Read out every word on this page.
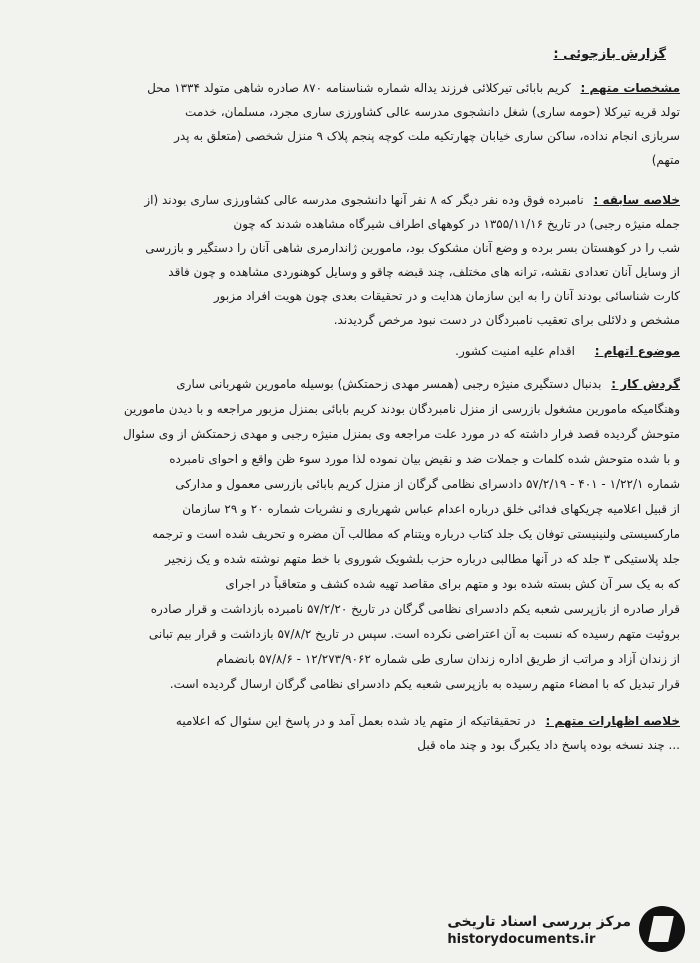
گزارش بازجوئی :
مشخصات متهم : کریم بابائی تیرکلائی فرزند یداله شماره شناسنامه ۸۷۰ صادره شاهی متولد ۱۳۳۴ محل
تولد قریه تیرکلا (حومه ساری) شغل دانشجوی مدرسه عالی کشاورزی ساری مجرد، مسلمان، خدمت
سربازی انجام نداده، ساکن ساری خیابان چهارتکیه ملت کوچه پنجم پلاک ۹ منزل شخصی (متعلق به پدر
متهم)
خلاصه سابقه : نامبرده فوق وده نفر دیگر که ۸ نفر آنها دانشجوی مدرسه عالی کشاورزی ساری بودند (از
جمله منیژه رجبی) در تاریخ ۱۳۵۵/۱۱/۱۶ در کوههای اطراف شیرگاه مشاهده شدند که چون
شب را در کوهستان بسر برده و وضع آنان مشکوک بود، مامورین ژاندارمری شاهی آنان را دستگیر و بازرسی
از وسایل آنان تعدادی نقشه، ترانه های مختلف، چند قبضه چاقو و وسایل کوهنوردی مشاهده و چون فاقد
کارت شناسائی بودند آنان را به این سازمان هدایت و در تحقیقات بعدی چون هویت افراد مزبور
مشخص و دلائلی برای تعقیب نامبردگان در دست نبود مرخص گردیدند.
موضوع اتهام : اقدام علیه امنیت کشور.
گردش کار : بدنبال دستگیری منیژه رجبی (همسر مهدی زحمتکش) بوسیله مامورین شهربانی ساری
وهنگامیکه مامورین مشغول بازرسی از منزل نامبردگان بودند کریم بابائی بمنزل مزبور مراجعه و با دیدن مامورین
متوحش گردیده قصد فرار داشته که در مورد علت مراجعه وی بمنزل منیژه رجبی و مهدی زحمتکش از وی سئوال
و با شده متوحش شده کلمات و جملات ضد و نقیض بیان نموده لذا مورد سوء ظن واقع و احوای نامبرده
شماره ۱/۲۲/۱ - ۴۰۱ - ۵۷/۲/۱۹ دادسرای نظامی گرگان از منزل کریم بابائی بازرسی معمول و مدارکی
از قبیل اعلامیه چریکهای فدائی خلق درباره اعدام عباس شهریاری و نشریات شماره ۲۰ و ۲۹ سازمان
مارکسیستی ولنینیستی توفان یک جلد کتاب درباره ویتنام که مطالب آن مضره و تحریف شده است و ترجمه
جلد پلاستیکی ۳ جلد که در آنها مطالبی درباره حزب بلشویک شوروی با خط متهم نوشته شده و یک زنجیر
که به یک سر آن کش بسته شده بود و متهم برای مقاصد تهیه شده کشف و متعاقباً در اجرای
قرار صادره از بازپرسی شعبه یکم دادسرای نظامی گرگان در تاریخ ۵۷/۲/۲۰ نامبرده بازداشت و قرار صادره
بروئیت متهم رسیده که نسبت به آن اعتراضی نکرده است. سپس در تاریخ ۵۷/۸/۲ بازداشت و قرار بیم تبانی
از زندان آزاد و مراتب از طریق اداره زندان ساری طی شماره ۱۲/۲۷۳/۹۰۶۲ - ۵۷/۸/۶ بانضمام
قرار تبدیل که با امضاء متهم رسیده به بازپرسی شعبه یکم دادسرای نظامی گرگان ارسال گردیده است.
خلاصه اظهارات متهم : در تحقیقاتیکه از متهم یاد شده بعمل آمد و در پاسخ این سئوال که اعلامیه
... چند نسخه بوده پاسخ داد یکبرگ بود و چند ماه قبل
مرکز بررسی اسناد تاریخی
historydocuments.ir
